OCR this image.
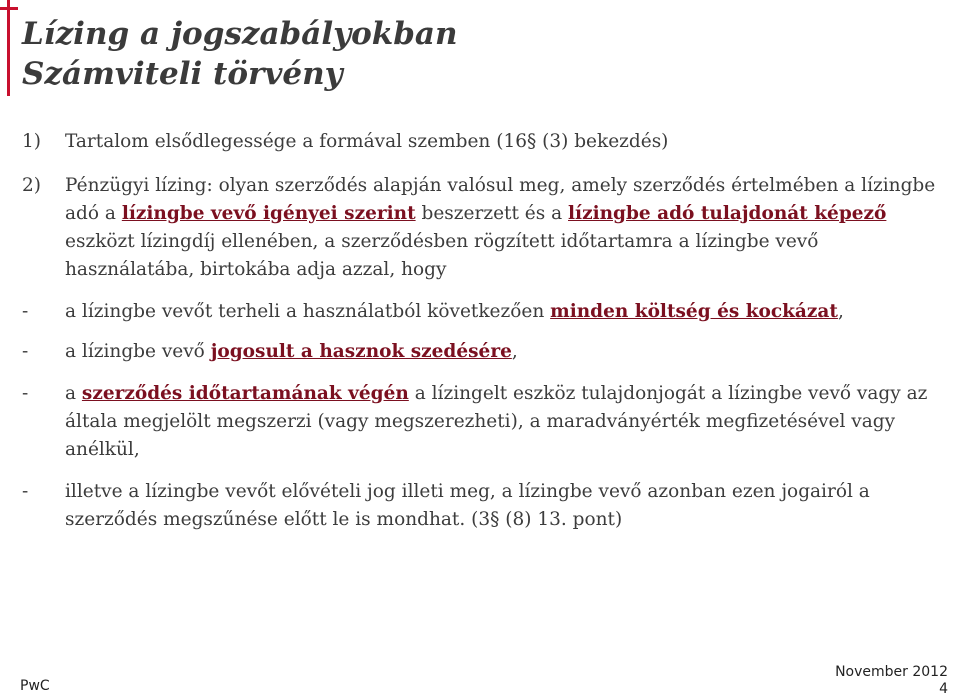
Lízing a jogszabályokban
Számviteli törvény
1) Tartalom elsődlegessége a formával szemben (16§ (3) bekezdés)
2) Pénzügyi lízing: olyan szerződés alapján valósul meg, amely szerződés értelmében a lízingbe adó a lízingbe vevő igényei szerint beszerzett és a lízingbe adó tulajdonát képező eszközt lízingdíj ellenében, a szerződésben rögzített időtartamra a lízingbe vevő használatába, birtokába adja azzal, hogy
- a lízingbe vevőt terheli a használatból következően minden költség és kockázat,
- a lízingbe vevő jogosult a hasznok szedésére,
- a szerződés időtartamának végén a lízingelt eszköz tulajdonjogát a lízingbe vevő vagy az általa megjelölt megszerzi (vagy megszerezheti), a maradványérték megfizetésével vagy anélkül,
- illetve a lízingbe vevőt elővételi jog illeti meg, a lízingbe vevő azonban ezen jogairól a szerződés megszűnése előtt le is mondhat. (3§ (8) 13. pont)
PwC
November 2012
4
